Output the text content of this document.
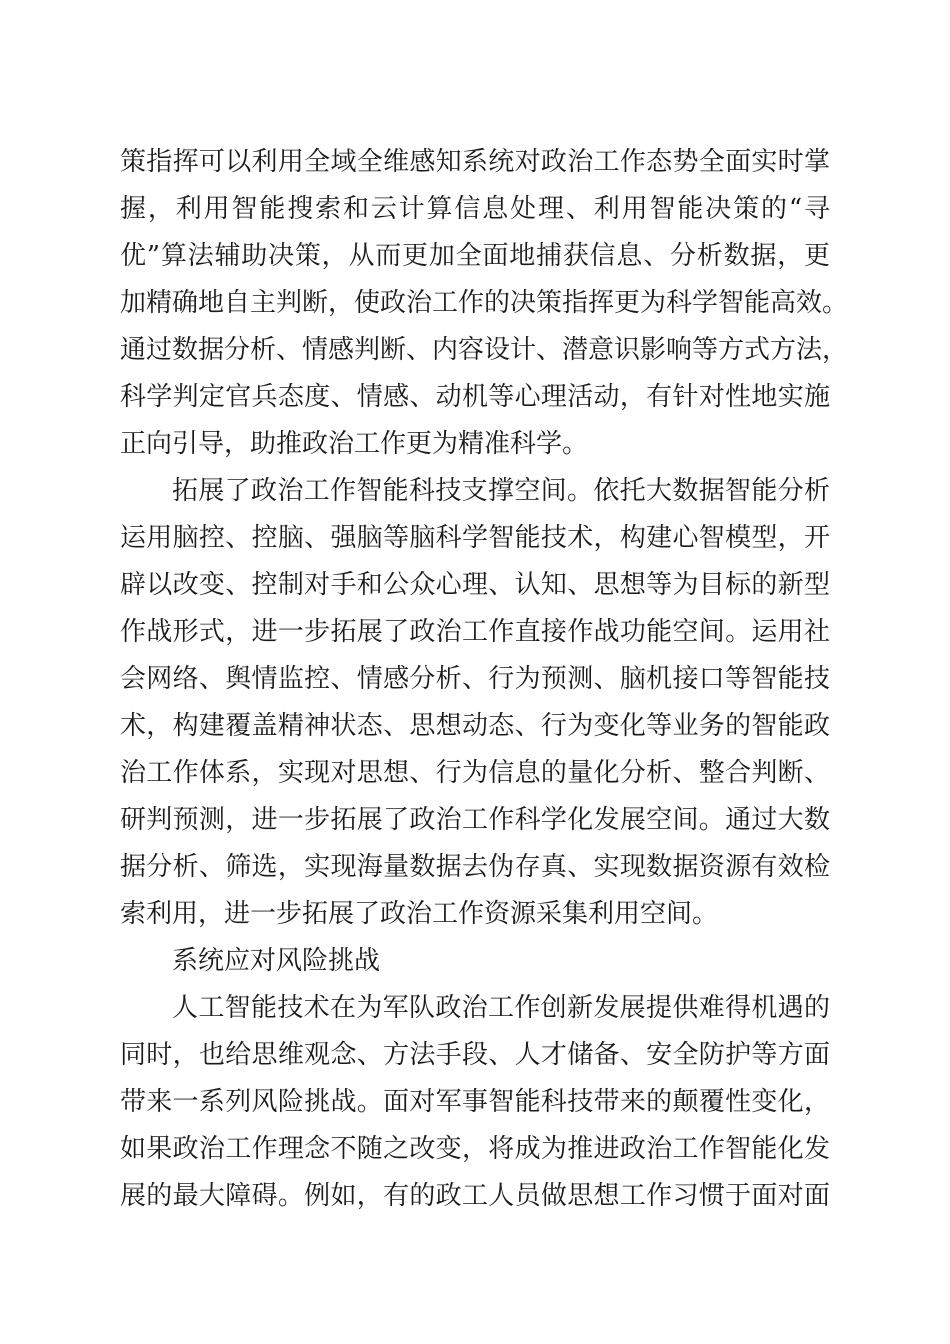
策指挥可以利用全域全维感知系统对政治工作态势全面实时掌
握，利用智能搜索和云计算信息处理、利用智能决策的“寻
优”算法辅助决策，从而更加全面地捕获信息、分析数据，更
加精确地自主判断，使政治工作的决策指挥更为科学智能高效。
通过数据分析、情感判断、内容设计、潜意识影响等方式方法，
科学判定官兵态度、情感、动机等心理活动，有针对性地实施
正向引导，助推政治工作更为精准科学。
拓展了政治工作智能科技支撑空间。依托大数据智能分析
运用脑控、控脑、强脑等脑科学智能技术，构建心智模型，开
辟以改变、控制对手和公众心理、认知、思想等为目标的新型
作战形式，进一步拓展了政治工作直接作战功能空间。运用社
会网络、舆情监控、情感分析、行为预测、脑机接口等智能技
术，构建覆盖精神状态、思想动态、行为变化等业务的智能政
治工作体系，实现对思想、行为信息的量化分析、整合判断、
研判预测，进一步拓展了政治工作科学化发展空间。通过大数
据分析、筛选，实现海量数据去伪存真、实现数据资源有效检
索利用，进一步拓展了政治工作资源采集利用空间。
系统应对风险挑战
人工智能技术在为军队政治工作创新发展提供难得机遇的
同时，也给思维观念、方法手段、人才储备、安全防护等方面
带来一系列风险挑战。面对军事智能科技带来的颠覆性变化，
如果政治工作理念不随之改变，将成为推进政治工作智能化发
展的最大障碍。例如，有的政工人员做思想工作习惯于面对面
